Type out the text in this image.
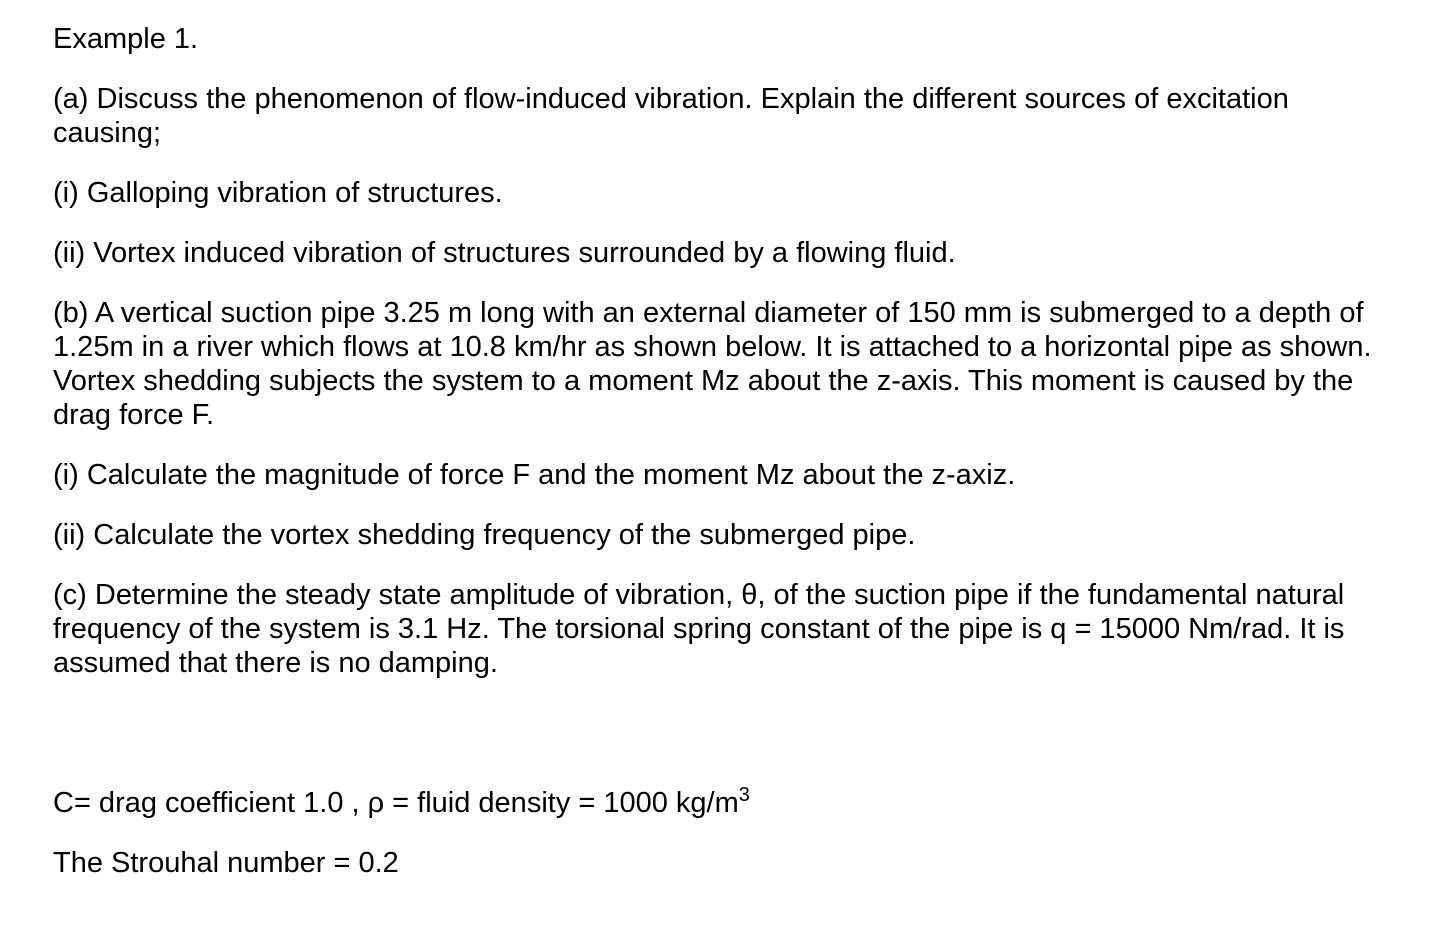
Example 1.

(a) Discuss the phenomenon of flow-induced vibration. Explain the different sources of excitation causing;

(i) Galloping vibration of structures.

(ii) Vortex induced vibration of structures surrounded by a flowing fluid.

(b) A vertical suction pipe 3.25 m long with an external diameter of 150 mm is submerged to a depth of 1.25m in a river which flows at 10.8 km/hr as shown below. It is attached to a horizontal pipe as shown. Vortex shedding subjects the system to a moment Mz about the z-axis. This moment is caused by the drag force F.

(i) Calculate the magnitude of force F and the moment Mz about the z-axiz.

(ii) Calculate the vortex shedding frequency of the submerged pipe.

(c) Determine the steady state amplitude of vibration, θ, of the suction pipe if the fundamental natural frequency of the system is 3.1 Hz. The torsional spring constant of the pipe is q = 15000 Nm/rad. It is assumed that there is no damping.

C= drag coefficient 1.0 , ρ = fluid density = 1000 $kg/m^3$

The Strouhal number = 0.2
